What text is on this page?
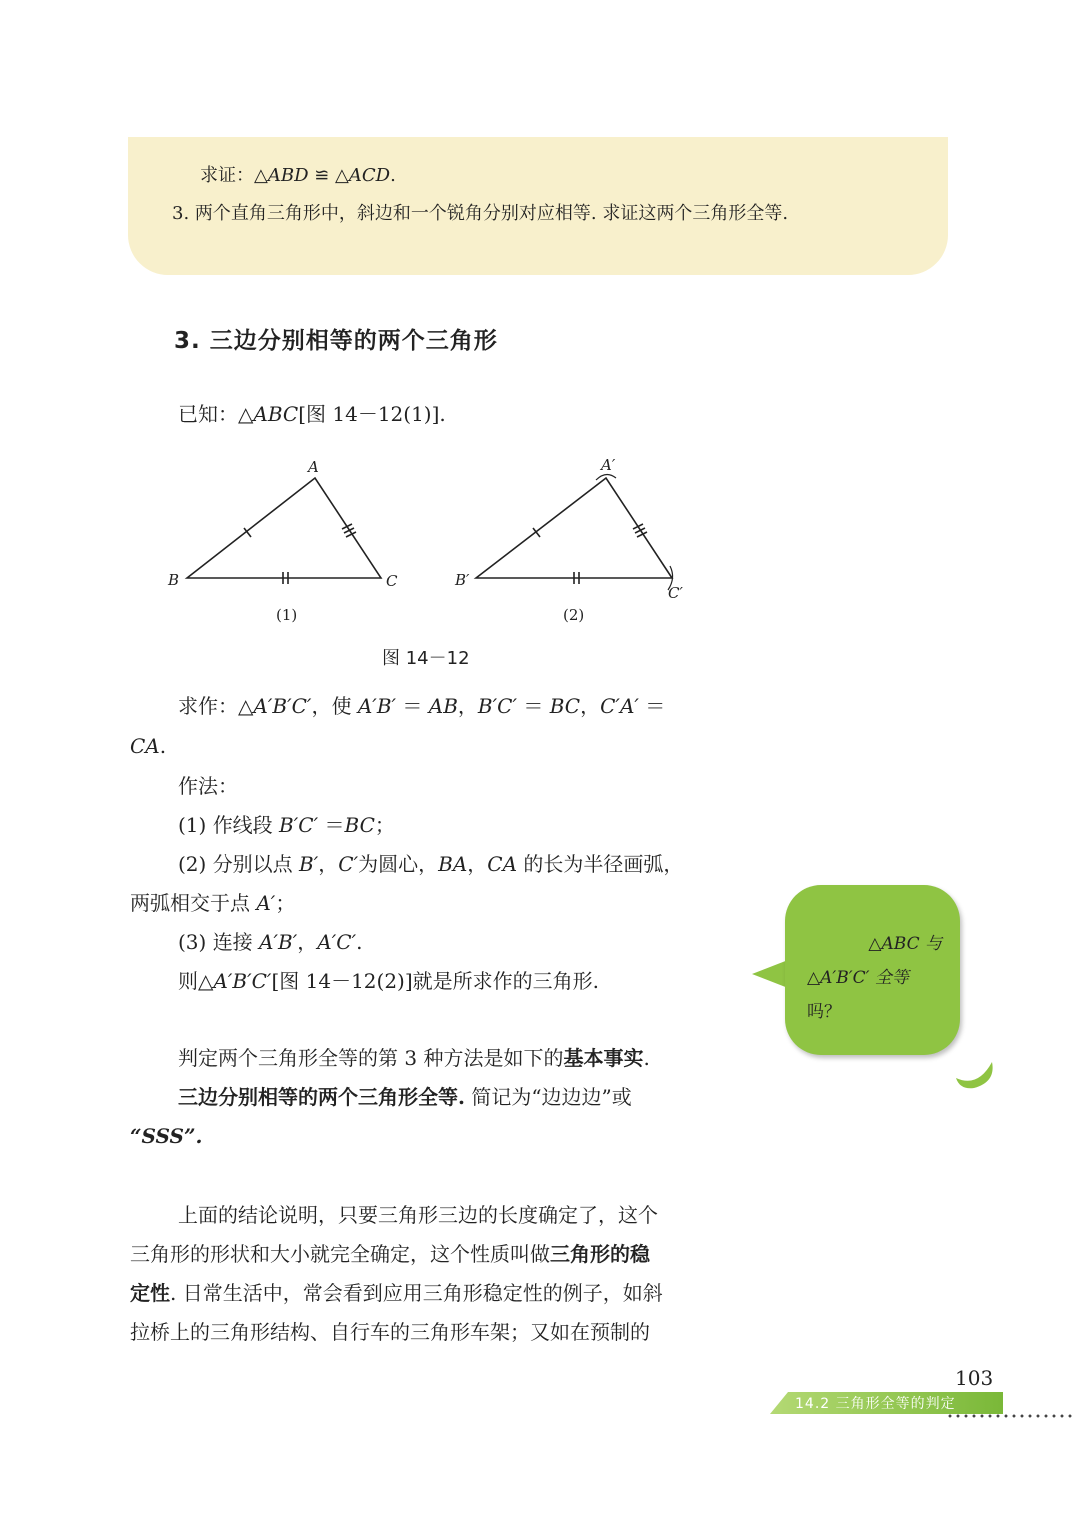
求证：△ABD ≌ △ACD.
3. 两个直角三角形中，斜边和一个锐角分别对应相等. 求证这两个三角形全等.
3. 三边分别相等的两个三角形
已知：△ABC[图 14－12(1)].
A
B	C
A′
B′
C′
(1)	(2)
图 14－12
求作：△A′B′C′，使 A′B′ ＝ AB，B′C′ ＝ BC，C′A′ ＝
CA.
作法：
(1) 作线段 B′C′ ＝BC；
(2) 分别以点 B′，C′为圆心，BA，CA 的长为半径画弧，
两弧相交于点 A′；
(3) 连接 A′B′，A′C′.
则△A′B′C′[图 14－12(2)]就是所求作的三角形.
判定两个三角形全等的第 3 种方法是如下的基本事实.
三边分别相等的两个三角形全等. 简记为“边边边”或
“SSS”.
上面的结论说明，只要三角形三边的长度确定了，这个
三角形的形状和大小就完全确定，这个性质叫做三角形的稳
定性. 日常生活中，常会看到应用三角形稳定性的例子，如斜
拉桥上的三角形结构、自行车的三角形车架；又如在预制的
△ABC 与
△A′B′C′ 全等
吗？
103
14.2 三角形全等的判定
